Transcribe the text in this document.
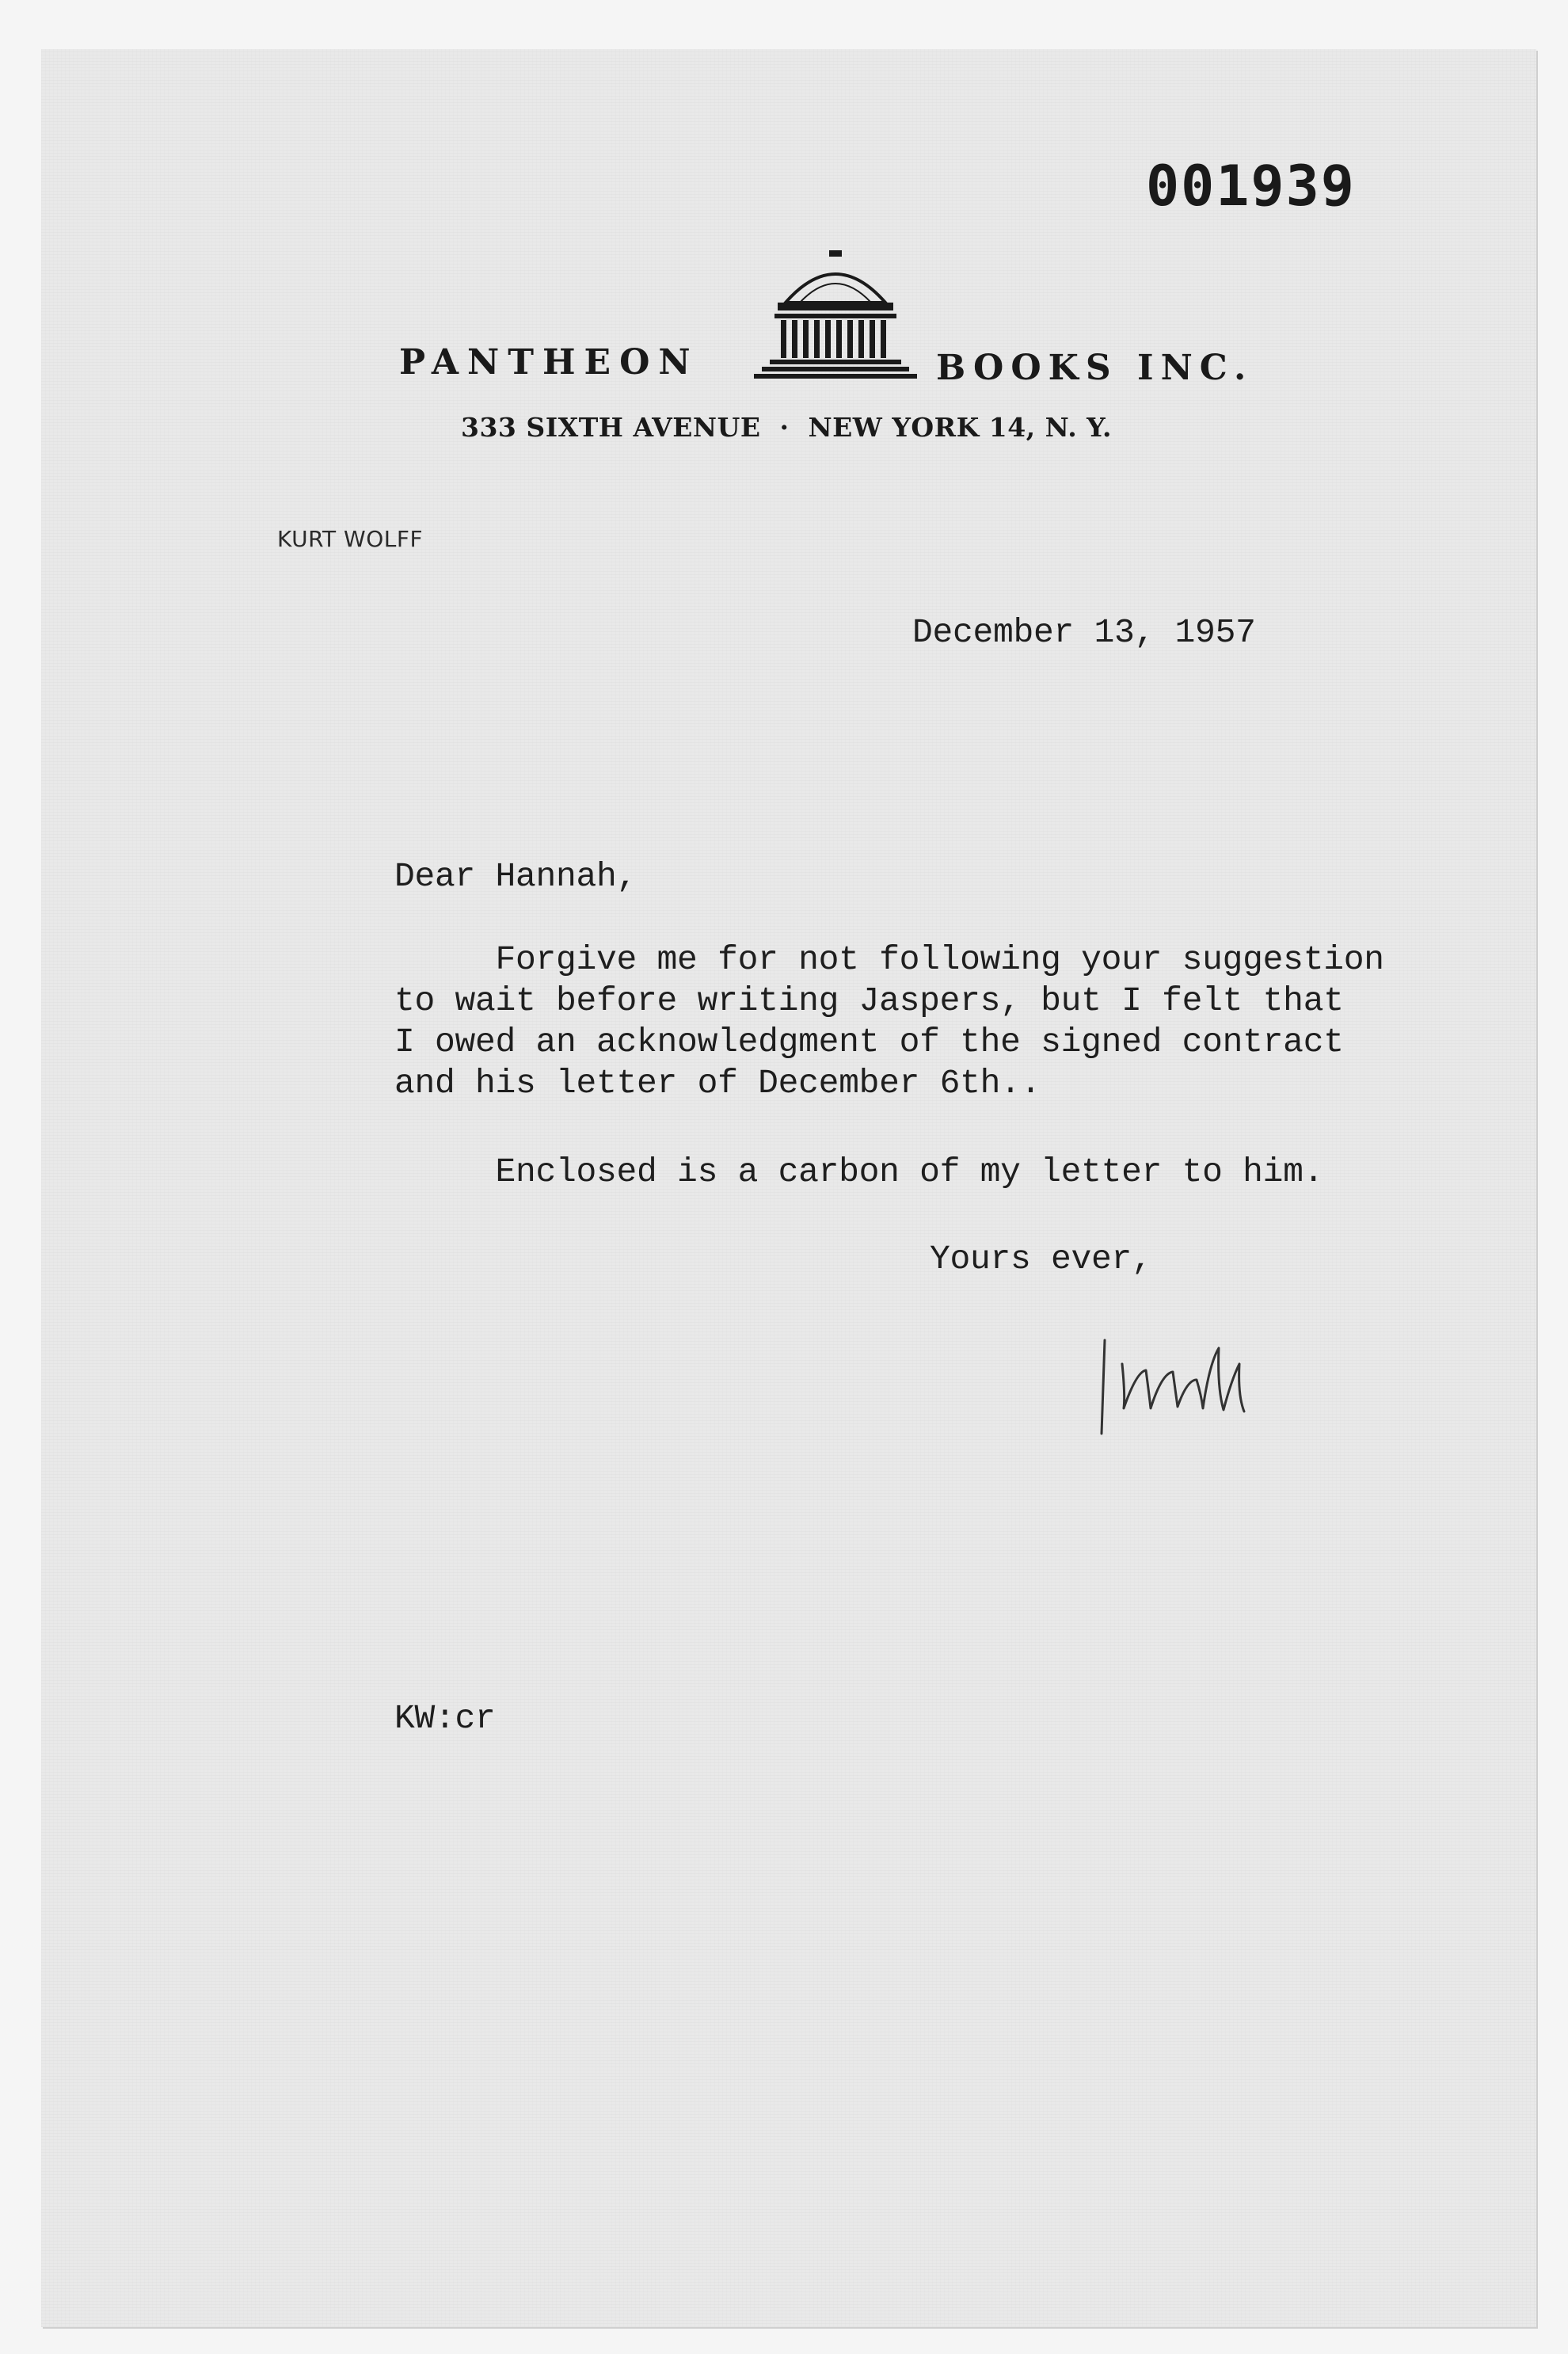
001939
PANTHEON	BOOKS INC.
333 SIXTH AVENUE  ·  NEW YORK 14, N. Y.
KURT WOLFF
December 13, 1957
Dear Hannah,
Forgive me for not following your suggestion
to wait before writing Jaspers, but I felt that
I owed an acknowledgment of the signed contract
and his letter of December 6th..
Enclosed is a carbon of my letter to him.
Yours ever,
KW:cr
